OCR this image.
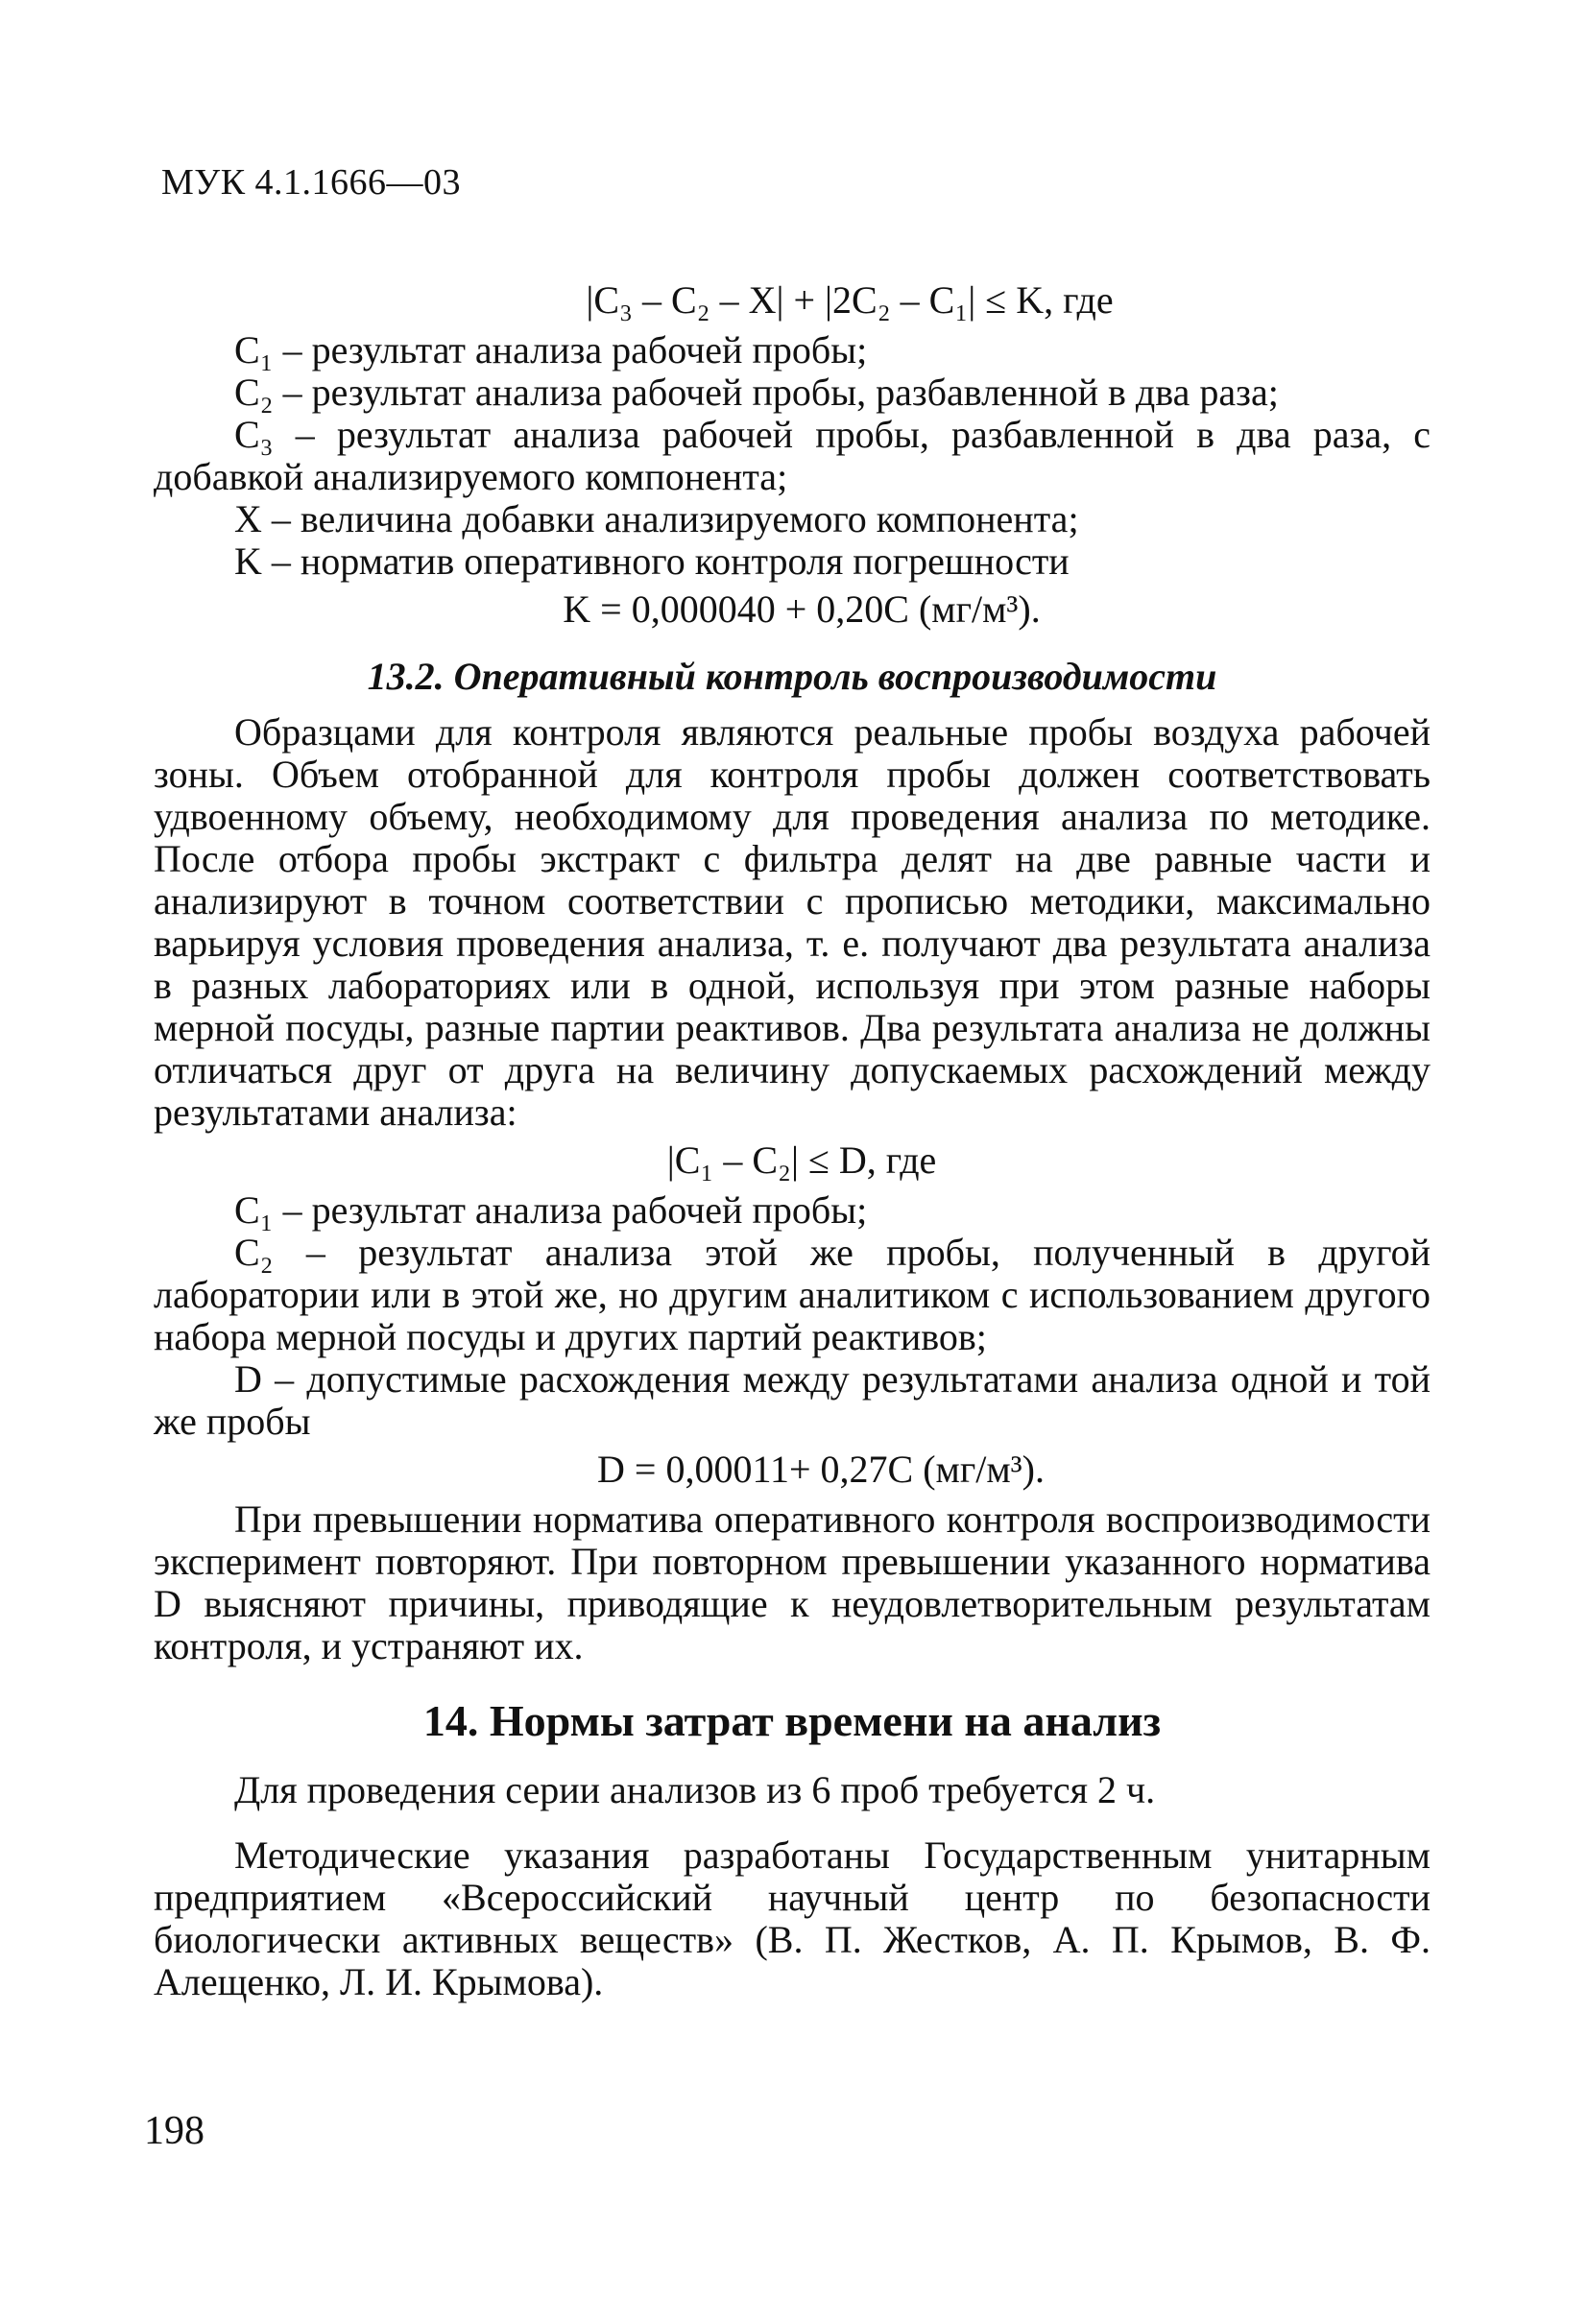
МУК 4.1.1666—03

|C₃ – C₂ – X| + |2C₂ – C₁| ≤ K, где

C₁ – результат анализа рабочей пробы;

C₂ – результат анализа рабочей пробы, разбавленной в два раза;

C₃ – результат анализа рабочей пробы, разбавленной в два раза, с добавкой анализируемого компонента;

X – величина добавки анализируемого компонента;

K – норматив оперативного контроля погрешности

K = 0,000040 + 0,20C (мг/м³).

13.2. Оперативный контроль воспроизводимости

Образцами для контроля являются реальные пробы воздуха рабочей зоны. Объем отобранной для контроля пробы должен соответствовать удвоенному объему, необходимому для проведения анализа по методике. После отбора пробы экстракт с фильтра делят на две равные части и анализируют в точном соответствии с прописью методики, максимально варьируя условия проведения анализа, т. е. получают два результата анализа в разных лабораториях или в одной, используя при этом разные наборы мерной посуды, разные партии реактивов. Два результата анализа не должны отличаться друг от друга на величину допускаемых расхождений между результатами анализа:

|C₁ – C₂| ≤ D, где

C₁ – результат анализа рабочей пробы;

C₂ – результат анализа этой же пробы, полученный в другой лаборатории или в этой же, но другим аналитиком с использованием другого набора мерной посуды и других партий реактивов;

D – допустимые расхождения между результатами анализа одной и той же пробы

D = 0,00011+ 0,27C (мг/м³).

При превышении норматива оперативного контроля воспроизводимости эксперимент повторяют. При повторном превышении указанного норматива D выясняют причины, приводящие к неудовлетворительным результатам контроля, и устраняют их.

14. Нормы затрат времени на анализ

Для проведения серии анализов из 6 проб требуется 2 ч.

Методические указания разработаны Государственным унитарным предприятием «Всероссийский научный центр по безопасности биологически активных веществ» (В. П. Жестков, А. П. Крымов, В. Ф. Алещенко, Л. И. Крымова).

198
